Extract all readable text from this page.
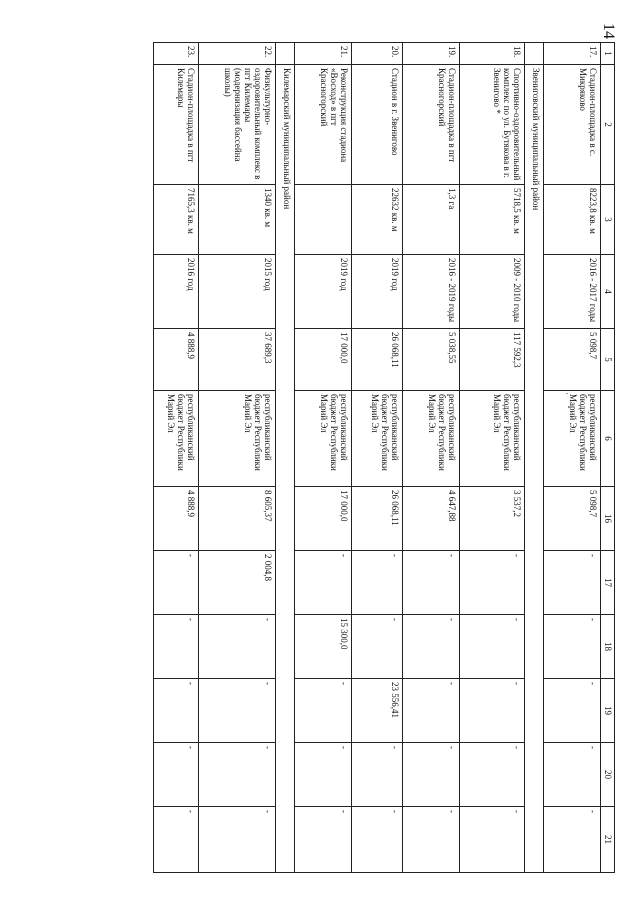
14
1	2	3	4	5	6	16	17	18	19	20	21
17.	Стадион-площадка в с. Микряково	8223,8 кв. м	2016 - 2017 годы	5 098,7	республиканский бюджет Республики Марий Эл	5 098,7	-	-	-	-	-
	Звениговский муниципальный район										
18.	Спортивно-оздоровительный комплекс по ул. Бутякова в г. Звенигово *	5718,5 кв. м	2009 - 2010 годы	117 592,3	республиканский бюджет Республики Марий Эл	3 537,2	-	-	-	-	-
19.	Стадион-площадка в пгт Красногорский	1,3 га	2016 - 2019 годы	5 038,55	республиканский бюджет Республики Марий Эл	4 647,88	-	-	-	-	-
20.	Стадион в г. Звенигово	22632 кв. м	2019 год	26 068,11	республиканский бюджет Республики Марий Эл	26 068,11	-	-	23 556,41	-	-
21.	Реконструкция стадиона «Восход» в пгт Красногорский		2019 год	17 000,0	республиканский бюджет Республики Марий Эл	17 000,0	-	15 300,0	-	-	-
	Килемарский муниципальный район										
22.	Физкультурно-оздоровительный комплекс в пгт Килемары (модернизация бассейна школы)	1340 кв. м	2015 год	37 689,3	республиканский бюджет Республики Марий Эл	8 605,37	2 004,8	-	-	-	-
23.	Стадион-площадка в пгт Килемары	7165,3 кв. м	2016 год	4 888,9	республиканский бюджет Республики Марий Эл	4 888,9	-	-	-	-	-
